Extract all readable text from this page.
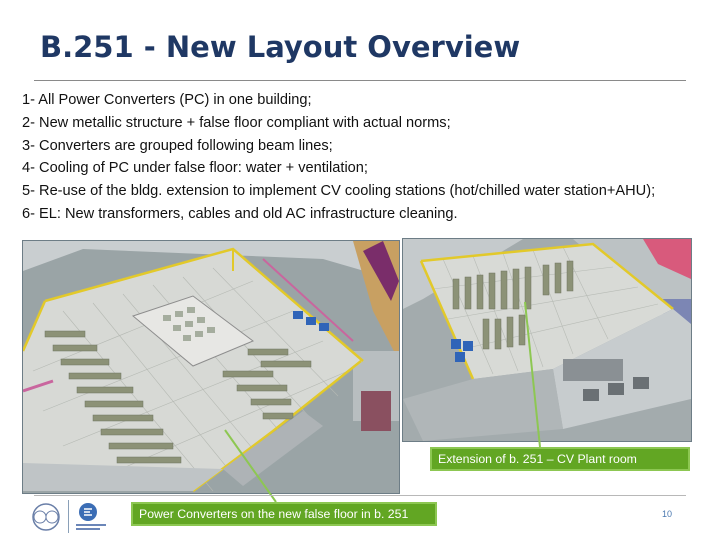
B.251 - New Layout Overview
1- All Power Converters (PC) in one building;
2- New metallic structure + false floor compliant with actual norms;
3- Converters are grouped following beam lines;
4- Cooling of PC under false floor: water + ventilation;
5- Re-use of the bldg. extension to implement CV cooling stations (hot/chilled water station+AHU);
6- EL: New transformers, cables and old AC infrastructure cleaning.
Extension of b. 251 – CV Plant room
Power Converters on the new false floor in b. 251	10
